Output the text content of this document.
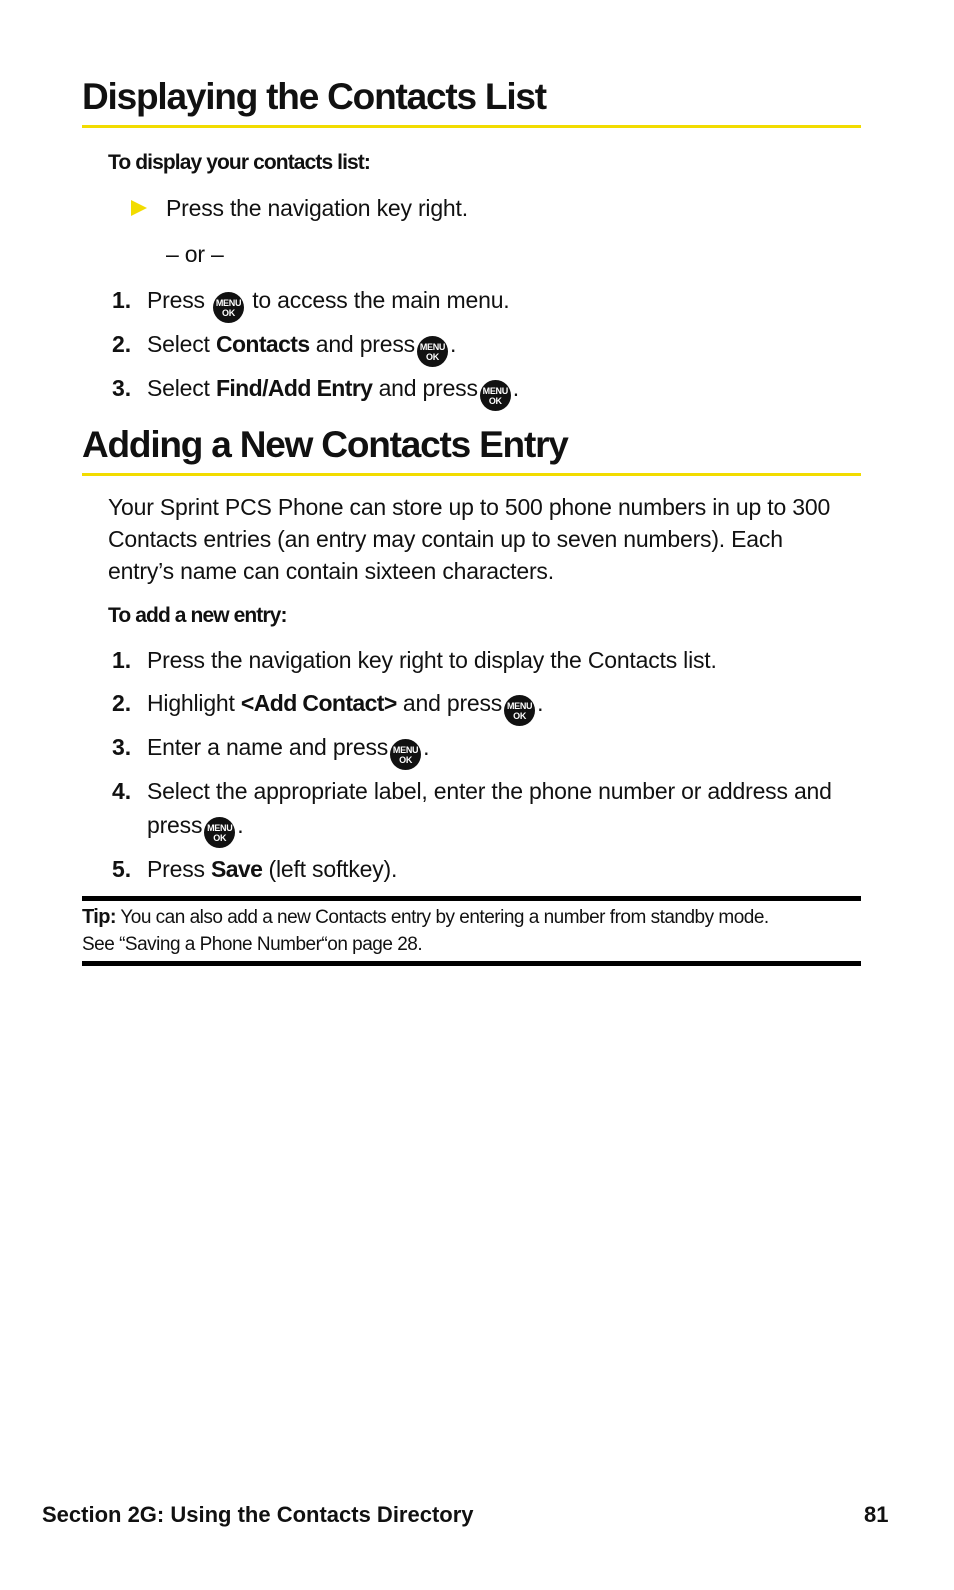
Displaying the Contacts List

To display your contacts list:

Press the navigation key right.
– or –
1. Press	MENU
OK to access the main menu.
2. Select Contacts and press MENU
OK .
3. Select Find/Add Entry and press MENU
OK .
Adding a New Contacts Entry
Your Sprint PCS Phone can store up to 500 phone numbers in up to 300
Contacts entries (an entry may contain up to seven numbers). Each
entry’s name can contain sixteen characters.

To add a new entry:

1. Press the navigation key right to display the Contacts list.
2. Highlight <Add Contact> and press MENU
OK .
3. Enter a name and press MENU
OK .
4. Select the appropriate label, enter the phone number or address and
press MENU
OK .
5. Press Save (left softkey).
Tip: You can also add a new Contacts entry by entering a number from standby mode.
See “Saving a Phone Number“on page 28.
Section 2G: Using the Contacts Directory	81
